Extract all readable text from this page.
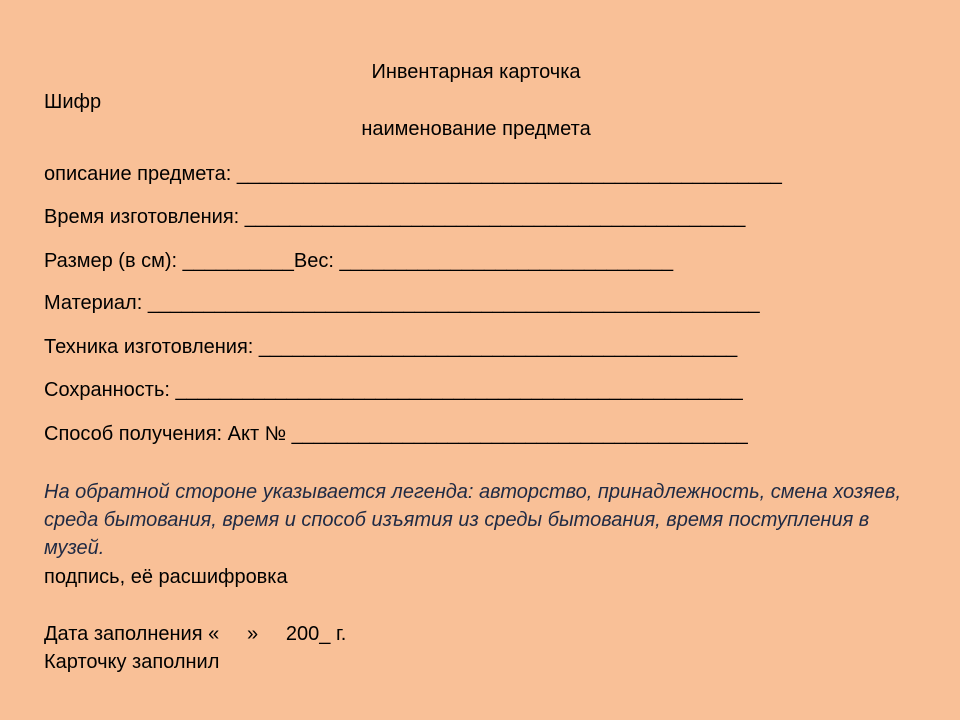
Инвентарная карточка
Шифр
наименование предмета
описание предмета: _________________________________________________
Время изготовления: _____________________________________________
Размер (в см): __________Вес: ______________________________
Материал: _______________________________________________________
Техника изготовления: ___________________________________________
Сохранность: ___________________________________________________
Способ получения: Акт № _________________________________________
На обратной стороне указывается легенда: авторство, принадлежность, смена хозяев, среда бытования, время и способ изъятия из среды бытования, время поступления в музей.
подпись, её расшифровка
Дата заполнения «     »     200_ г.
Карточку заполнил
